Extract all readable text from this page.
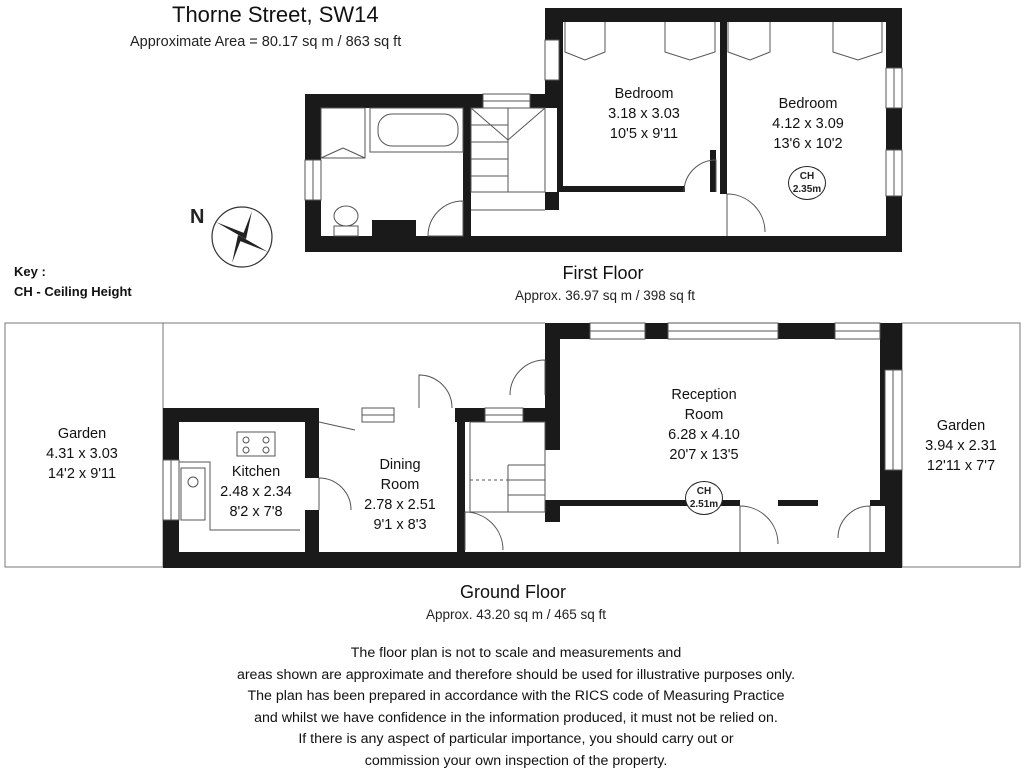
N
Thorne Street, SW14
Approximate Area = 80.17 sq m / 863 sq ft
Key :
CH - Ceiling Height
First Floor
Approx. 36.97 sq m / 398 sq ft
Bedroom
3.18 x 3.03
10'5 x 9'11
Bedroom
4.12 x 3.09
13'6 x 10'2
CH
2.35m
Garden
4.31 x 3.03
14'2 x 9'11	Kitchen
2.48 x 2.34
8'2 x 7'8
Dining
Room
2.78 x 2.51
9'1 x 8'3
Reception
Room
6.28 x 4.10
20'7 x 13'5
CH
2.51m
Garden
3.94 x 2.31
12'11 x 7'7
Ground Floor
Approx. 43.20 sq m / 465 sq ft
The floor plan is not to scale and measurements and
areas shown are approximate and therefore should be used for illustrative purposes only.
The plan has been prepared in accordance with the RICS code of Measuring Practice
and whilst we have confidence in the information produced, it must not be relied on.
If there is any aspect of particular importance, you should carry out or
commission your own inspection of the property.
